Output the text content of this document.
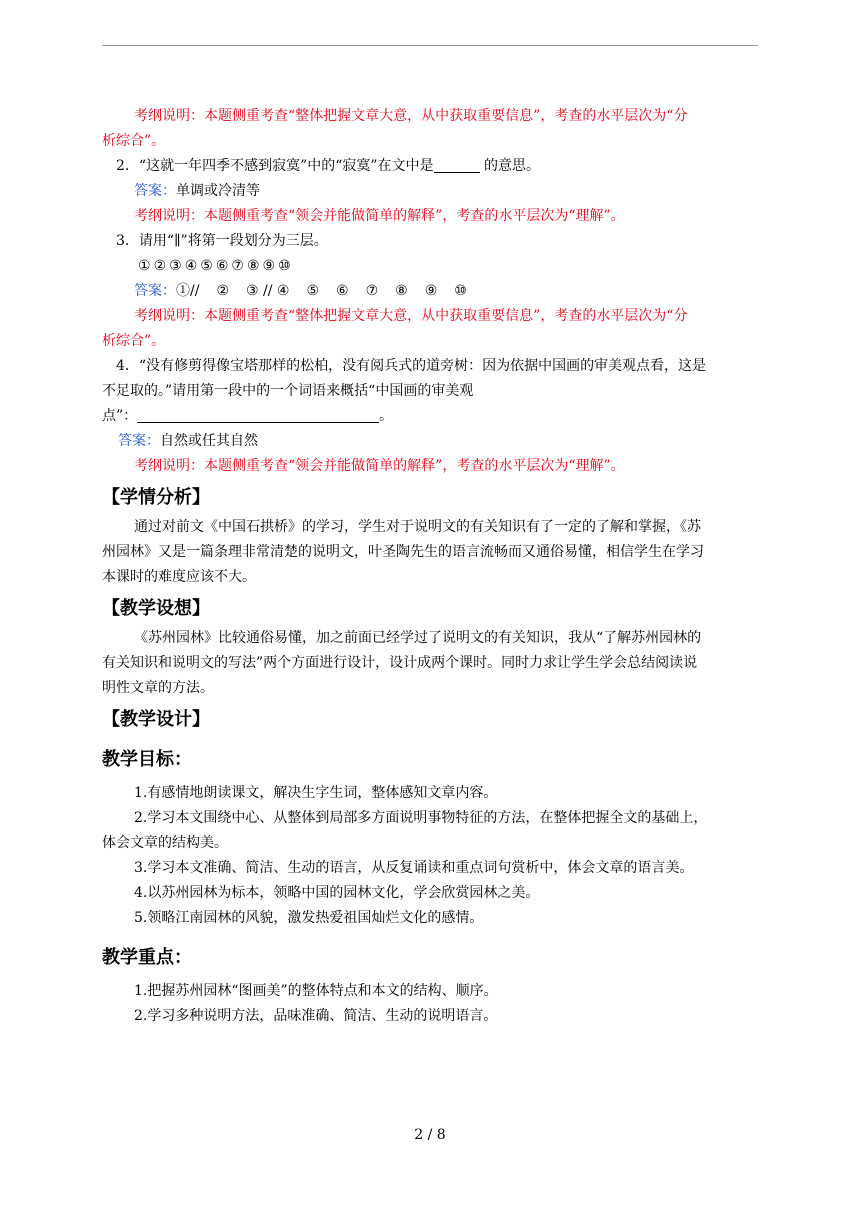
考纲说明：本题侧重考查“整体把握文章大意，从中获取重要信息”，考查的水平层次为“分

析综合”。

2．“这就一年四季不感到寂寞”中的“寂寞”在文中是	的意思。

答案：单调或冷清等

考纲说明：本题侧重考查“领会并能做简单的解释”，考查的水平层次为“理解”。

3．请用“∥”将第一段划分为三层。

① ② ③ ④ ⑤ ⑥ ⑦ ⑧ ⑨ ⑩

答案：①// ② ③ // ④ ⑤ ⑥ ⑦ ⑧ ⑨ ⑩

考纲说明：本题侧重考查“整体把握文章大意，从中获取重要信息”，考查的水平层次为“分

析综合”。

4．“没有修剪得像宝塔那样的松柏，没有阅兵式的道旁树：因为依据中国画的审美观点看，这是

不足取的。”请用第一段中的一个词语来概括“中国画的审美观

点”：	。

答案：自然或任其自然

考纲说明：本题侧重考查“领会并能做简单的解释”，考查的水平层次为“理解”。

【学情分析】

通过对前文《中国石拱桥》的学习，学生对于说明文的有关知识有了一定的了解和掌握，《苏

州园林》又是一篇条理非常清楚的说明文，叶圣陶先生的语言流畅而又通俗易懂，相信学生在学习

本课时的难度应该不大。

【教学设想】

《苏州园林》比较通俗易懂，加之前面已经学过了说明文的有关知识，我从“了解苏州园林的

有关知识和说明文的写法”两个方面进行设计，设计成两个课时。同时力求让学生学会总结阅读说

明性文章的方法。

【教学设计】
教学目标：

1.有感情地朗读课文，解决生字生词，整体感知文章内容。

2.学习本文围绕中心、从整体到局部多方面说明事物特征的方法，在整体把握全文的基础上，

体会文章的结构美。

3.学习本文准确、简洁、生动的语言，从反复诵读和重点词句赏析中，体会文章的语言美。

4.以苏州园林为标本，领略中国的园林文化，学会欣赏园林之美。

5.领略江南园林的风貌，激发热爱祖国灿烂文化的感情。

教学重点：

1.把握苏州园林“图画美”的整体特点和本文的结构、顺序。

2.学习多种说明方法，品味准确、简洁、生动的说明语言。

2 / 8
